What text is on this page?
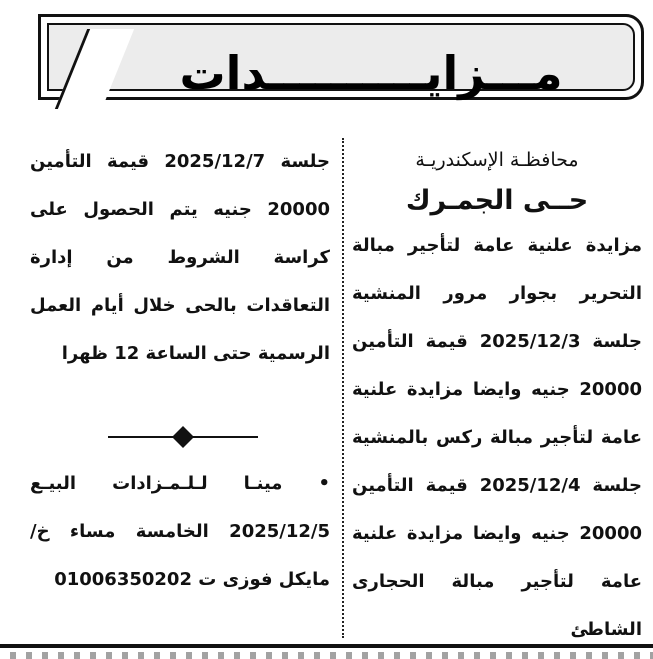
مـــزايــــــــــدات
محافظـة الإسكندريـة
حــى الجمـرك
مزايدة علنية عامة لتأجير مبالة التحرير بجوار مرور المنشية جلسة 2025/12/3 قيمة التأمين 20000 جنيه وايضا مزايدة علنية عامة لتأجير مبالة ركس بالمنشية جلسة 2025/12/4 قيمة التأمين 20000 جنيه وايضا مزايدة علنية عامة لتأجير مبالة الحجارى الشاطئ
جلسة 2025/12/7 قيمة التأمين 20000 جنيه يتم الحصول على كراسة الشروط من إدارة التعاقدات بالحى خلال أيام العمل الرسمية حتى الساعة 12 ظهرا
• مينـا لـلـمـزادات البيـع 2025/12/5 الخامسة مساء خ/مايكل فوزى ت 01006350202
